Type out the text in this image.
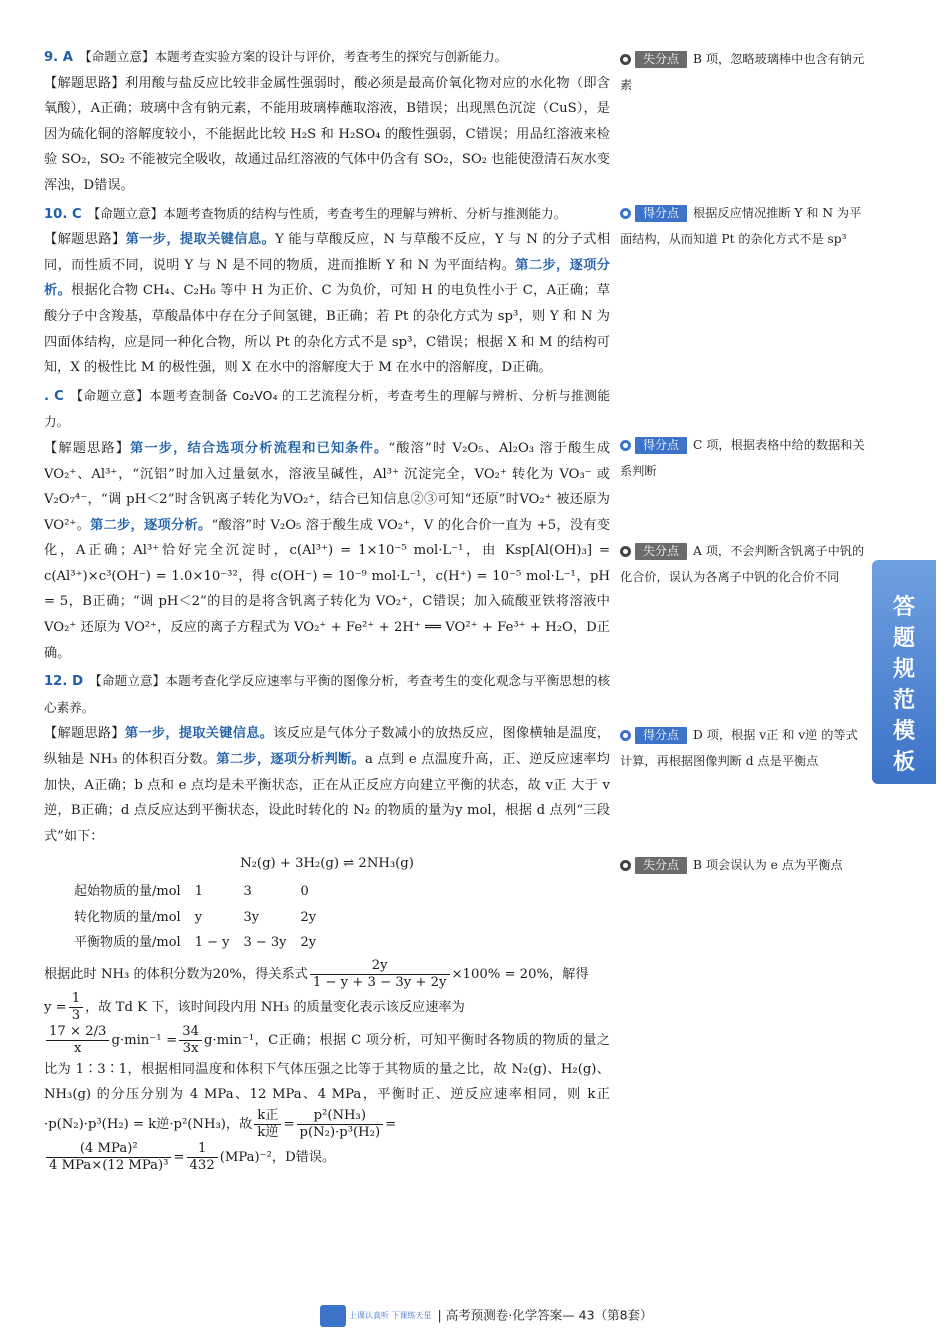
9. A 【命题立意】本题考查实验方案的设计与评价，考查考生的探究与创新能力。

【解题思路】利用酸与盐反应比较非金属性强弱时，酸必须是最高价氧化物对应的水化物（即含氧酸），A正确；玻璃中含有钠元素，不能用玻璃棒蘸取溶液，B错误；出现黑色沉淀（CuS），是因为硫化铜的溶解度较小，不能据此比较 H₂S 和 H₂SO₄ 的酸性强弱，C错误；用品红溶液来检验 SO₂，SO₂ 不能被完全吸收，故通过品红溶液的气体中仍含有 SO₂，SO₂ 也能使澄清石灰水变浑浊，D错误。

10. C 【命题立意】本题考查物质的结构与性质，考查考生的理解与辨析、分析与推测能力。

【解题思路】第一步，提取关键信息。Y 能与草酸反应，N 与草酸不反应，Y 与 N 的分子式相同，而性质不同，说明 Y 与 N 是不同的物质，进而推断 Y 和 N 为平面结构。第二步，逐项分析。根据化合物 CH₄、C₂H₆ 等中 H 为正价、C 为负价，可知 H 的电负性小于 C，A正确；草酸分子中含羧基，草酸晶体中存在分子间氢键，B正确；若 Pt 的杂化方式为 sp³，则 Y 和 N 为四面体结构，应是同一种化合物，所以 Pt 的杂化方式不是 sp³，C错误；根据 X 和 M 的结构可知，X 的极性比 M 的极性强，则 X 在水中的溶解度大于 M 在水中的溶解度，D正确。

. C 【命题立意】本题考查制备 Co₂VO₄ 的工艺流程分析，考查考生的理解与辨析、分析与推测能力。

【解题思路】第一步，结合选项分析流程和已知条件。“酸溶”时 V₂O₅、Al₂O₃ 溶于酸生成 VO₂⁺、Al³⁺，“沉铝”时加入过量氨水，溶液呈碱性，Al³⁺ 沉淀完全，VO₂⁺ 转化为 VO₃⁻ 或 V₂O₇⁴⁻，“调 pH＜2”时含钒离子转化为VO₂⁺，结合已知信息②③可知“还原”时VO₂⁺ 被还原为VO²⁺。第二步，逐项分析。“酸溶”时 V₂O₅ 溶于酸生成 VO₂⁺，V 的化合价一直为 +5，没有变化，A正确；Al³⁺恰好完全沉淀时，c(Al³⁺) = 1×10⁻⁵ mol·L⁻¹，由 Ksp[Al(OH)₃] = c(Al³⁺)×c³(OH⁻) = 1.0×10⁻³²，得 c(OH⁻) = 10⁻⁹ mol·L⁻¹，c(H⁺) = 10⁻⁵ mol·L⁻¹，pH = 5，B正确；“调 pH＜2”的目的是将含钒离子转化为 VO₂⁺，C错误；加入硫酸亚铁将溶液中 VO₂⁺ 还原为 VO²⁺，反应的离子方程式为 VO₂⁺ + Fe²⁺ + 2H⁺ ══ VO²⁺ + Fe³⁺ + H₂O，D正确。

12. D 【命题立意】本题考查化学反应速率与平衡的图像分析，考查考生的变化观念与平衡思想的核心素养。

【解题思路】第一步，提取关键信息。该反应是气体分子数减小的放热反应，图像横轴是温度，纵轴是 NH₃ 的体积百分数。第二步，逐项分析判断。a 点到 e 点温度升高，正、逆反应速率均加快，A正确；b 点和 e 点均是未平衡状态，正在从正反应方向建立平衡的状态，故 v正 大于 v逆，B正确；d 点反应达到平衡状态，设此时转化的 N₂ 的物质的量为y mol，根据 d 点列“三段式”如下：

N₂(g) + 3H₂(g) ⇌ 2NH₃(g)
起始物质的量/mol	1	3	0
转化物质的量/mol	y	3y	2y
平衡物质的量/mol	1 − y	3 − 3y	2y

根据此时 NH₃ 的体积分数为20%，得关系式 $\frac{2y}{1 - y + 3 - 3y + 2y} \times 100\% = 20\%$，解得

$y = \frac{1}{3}$ ，故 Td K 下，该时间段内用 NH₃ 的质量变化表示该反应速率为

$\frac{17 \times 2/3}{x} g\cdot\min^{-1} = \frac{34}{3x} g\cdot\min^{-1}$，C正确；根据 C 项分析，可知平衡时各物质的物质的量之比为 1∶3∶1，根据相同温度和体积下气体压强之比等于其物质的量之比，故 N₂(g)、H₂(g)、NH₃(g) 的分压分别为 4 MPa、12 MPa、4 MPa，平衡时正、逆反应速率相同，则 k正·p(N₂)·p³(H₂) = k逆·p²(NH₃)，故 $\frac{\text{k正}}{\text{k逆}} = \frac{\text{p²(NH₃)}}{\text{p(N₂)·p³(H₂)}}$ =

$\frac{\text{(4 MPa)²}}{\text{4 MPa×(12 MPa)³}} = \frac{1}{432} (MPa)^{-2}$，D错误。

失分点 B 项，忽略玻璃棒中也含有钠元素
得分点 根据反应情况推断 Y 和 N 为平面结构，从而知道 Pt 的杂化方式不是 sp³
得分点 C 项，根据表格中给的数据和关系判断
失分点 A 项，不会判断含钒离子中钒的化合价，误认为各离子中钒的化合价不同
得分点 D 项，根据 v正 和 v逆 的等式计算，再根据图像判断 d 点是平衡点
失分点 B 项会误认为 e 点为平衡点
答
题
规
范
模
板
上课认真听 下课练天星 | 高考预测卷·化学答案— 43（第8套）
